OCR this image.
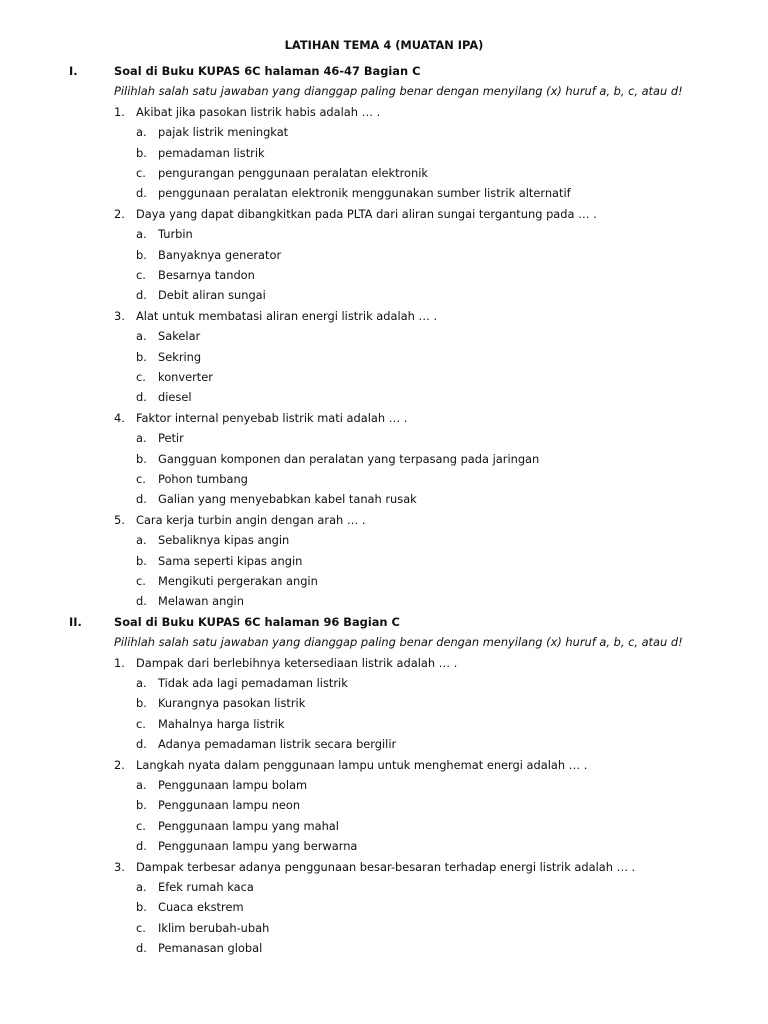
LATIHAN TEMA 4 (MUATAN IPA)
I.	Soal di Buku KUPAS 6C halaman 46-47 Bagian C
Pilihlah salah satu jawaban yang dianggap paling benar dengan menyilang (x) huruf a, b, c, atau d!
1. Akibat jika pasokan listrik habis adalah … .
a. pajak listrik meningkat
b. pemadaman listrik
c. pengurangan penggunaan peralatan elektronik
d. penggunaan peralatan elektronik menggunakan sumber listrik alternatif
2. Daya yang dapat dibangkitkan pada PLTA dari aliran sungai tergantung pada … .
a. Turbin
b. Banyaknya generator
c. Besarnya tandon
d. Debit aliran sungai
3. Alat untuk membatasi aliran energi listrik adalah … .
a. Sakelar
b. Sekring
c. konverter
d. diesel
4. Faktor internal penyebab listrik mati adalah … .
a. Petir
b. Gangguan komponen dan peralatan yang terpasang pada jaringan
c. Pohon tumbang
d. Galian yang menyebabkan kabel tanah rusak
5. Cara kerja turbin angin dengan arah … .
a. Sebaliknya kipas angin
b. Sama seperti kipas angin
c. Mengikuti pergerakan angin
d. Melawan angin
II.	Soal di Buku KUPAS 6C halaman 96 Bagian C
Pilihlah salah satu jawaban yang dianggap paling benar dengan menyilang (x) huruf a, b, c, atau d!
1. Dampak dari berlebihnya ketersediaan listrik adalah … .
a. Tidak ada lagi pemadaman listrik
b. Kurangnya pasokan listrik
c. Mahalnya harga listrik
d. Adanya pemadaman listrik secara bergilir
2. Langkah nyata dalam penggunaan lampu untuk menghemat energi adalah … .
a. Penggunaan lampu bolam
b. Penggunaan lampu neon
c. Penggunaan lampu yang mahal
d. Penggunaan lampu yang berwarna
3. Dampak terbesar adanya penggunaan besar-besaran terhadap energi listrik adalah … .
a. Efek rumah kaca
b. Cuaca ekstrem
c. Iklim berubah-ubah
d. Pemanasan global
